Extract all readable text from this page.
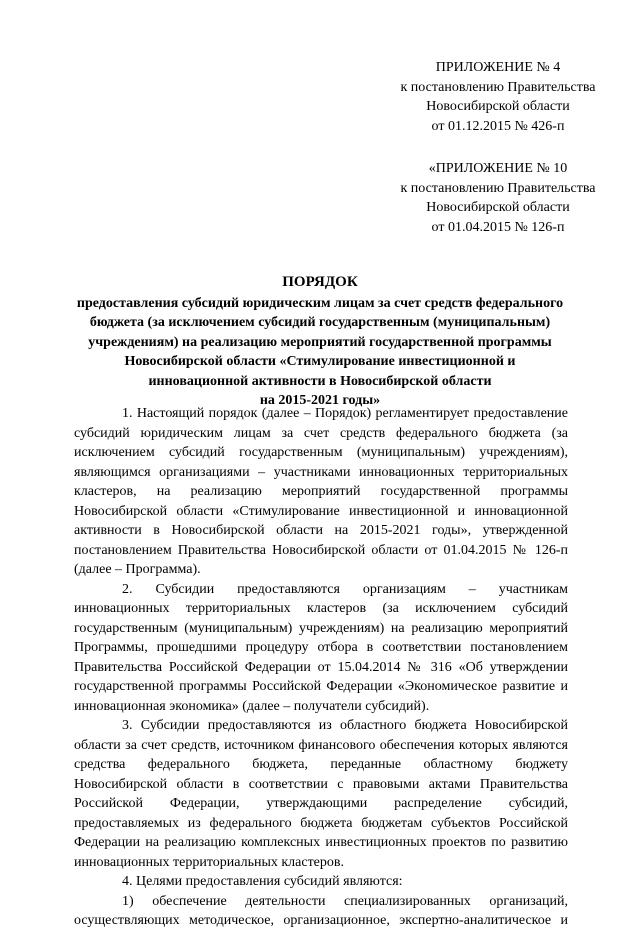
ПРИЛОЖЕНИЕ № 4
к постановлению Правительства
Новосибирской области
от 01.12.2015 № 426-п
«ПРИЛОЖЕНИЕ № 10
к постановлению Правительства
Новосибирской области
от 01.04.2015 № 126-п
ПОРЯДОК
предоставления субсидий юридическим лицам за счет средств федерального
бюджета (за исключением субсидий государственным (муниципальным)
учреждениям) на реализацию мероприятий государственной программы
Новосибирской области «Стимулирование инвестиционной и
инновационной активности в Новосибирской области
на 2015-2021 годы»

1. Настоящий порядок (далее – Порядок) регламентирует предоставление субсидий юридическим лицам за счет средств федерального бюджета (за исключением субсидий государственным (муниципальным) учреждениям), являющимся организациями – участниками инновационных территориальных кластеров, на реализацию мероприятий государственной программы Новосибирской области «Стимулирование инвестиционной и инновационной активности в Новосибирской области на 2015-2021 годы», утвержденной постановлением Правительства Новосибирской области от 01.04.2015 № 126-п (далее – Программа).

2. Субсидии предоставляются организациям – участникам инновационных территориальных кластеров (за исключением субсидий государственным (муниципальным) учреждениям) на реализацию мероприятий Программы, прошедшими процедуру отбора в соответствии постановлением Правительства Российской Федерации от 15.04.2014 № 316 «Об утверждении государственной программы Российской Федерации «Экономическое развитие и инновационная экономика» (далее – получатели субсидий).

3. Субсидии предоставляются из областного бюджета Новосибирской области за счет средств, источником финансового обеспечения которых являются средства федерального бюджета, переданные областному бюджету Новосибирской области в соответствии с правовыми актами Правительства Российской Федерации, утверждающими распределение субсидий, предоставляемых из федерального бюджета бюджетам субъектов Российской Федерации на реализацию комплексных инвестиционных проектов по развитию инновационных территориальных кластеров.

4. Целями предоставления субсидий являются:

1) обеспечение деятельности специализированных организаций, осуществляющих методическое, организационное, экспертно-аналитическое и
